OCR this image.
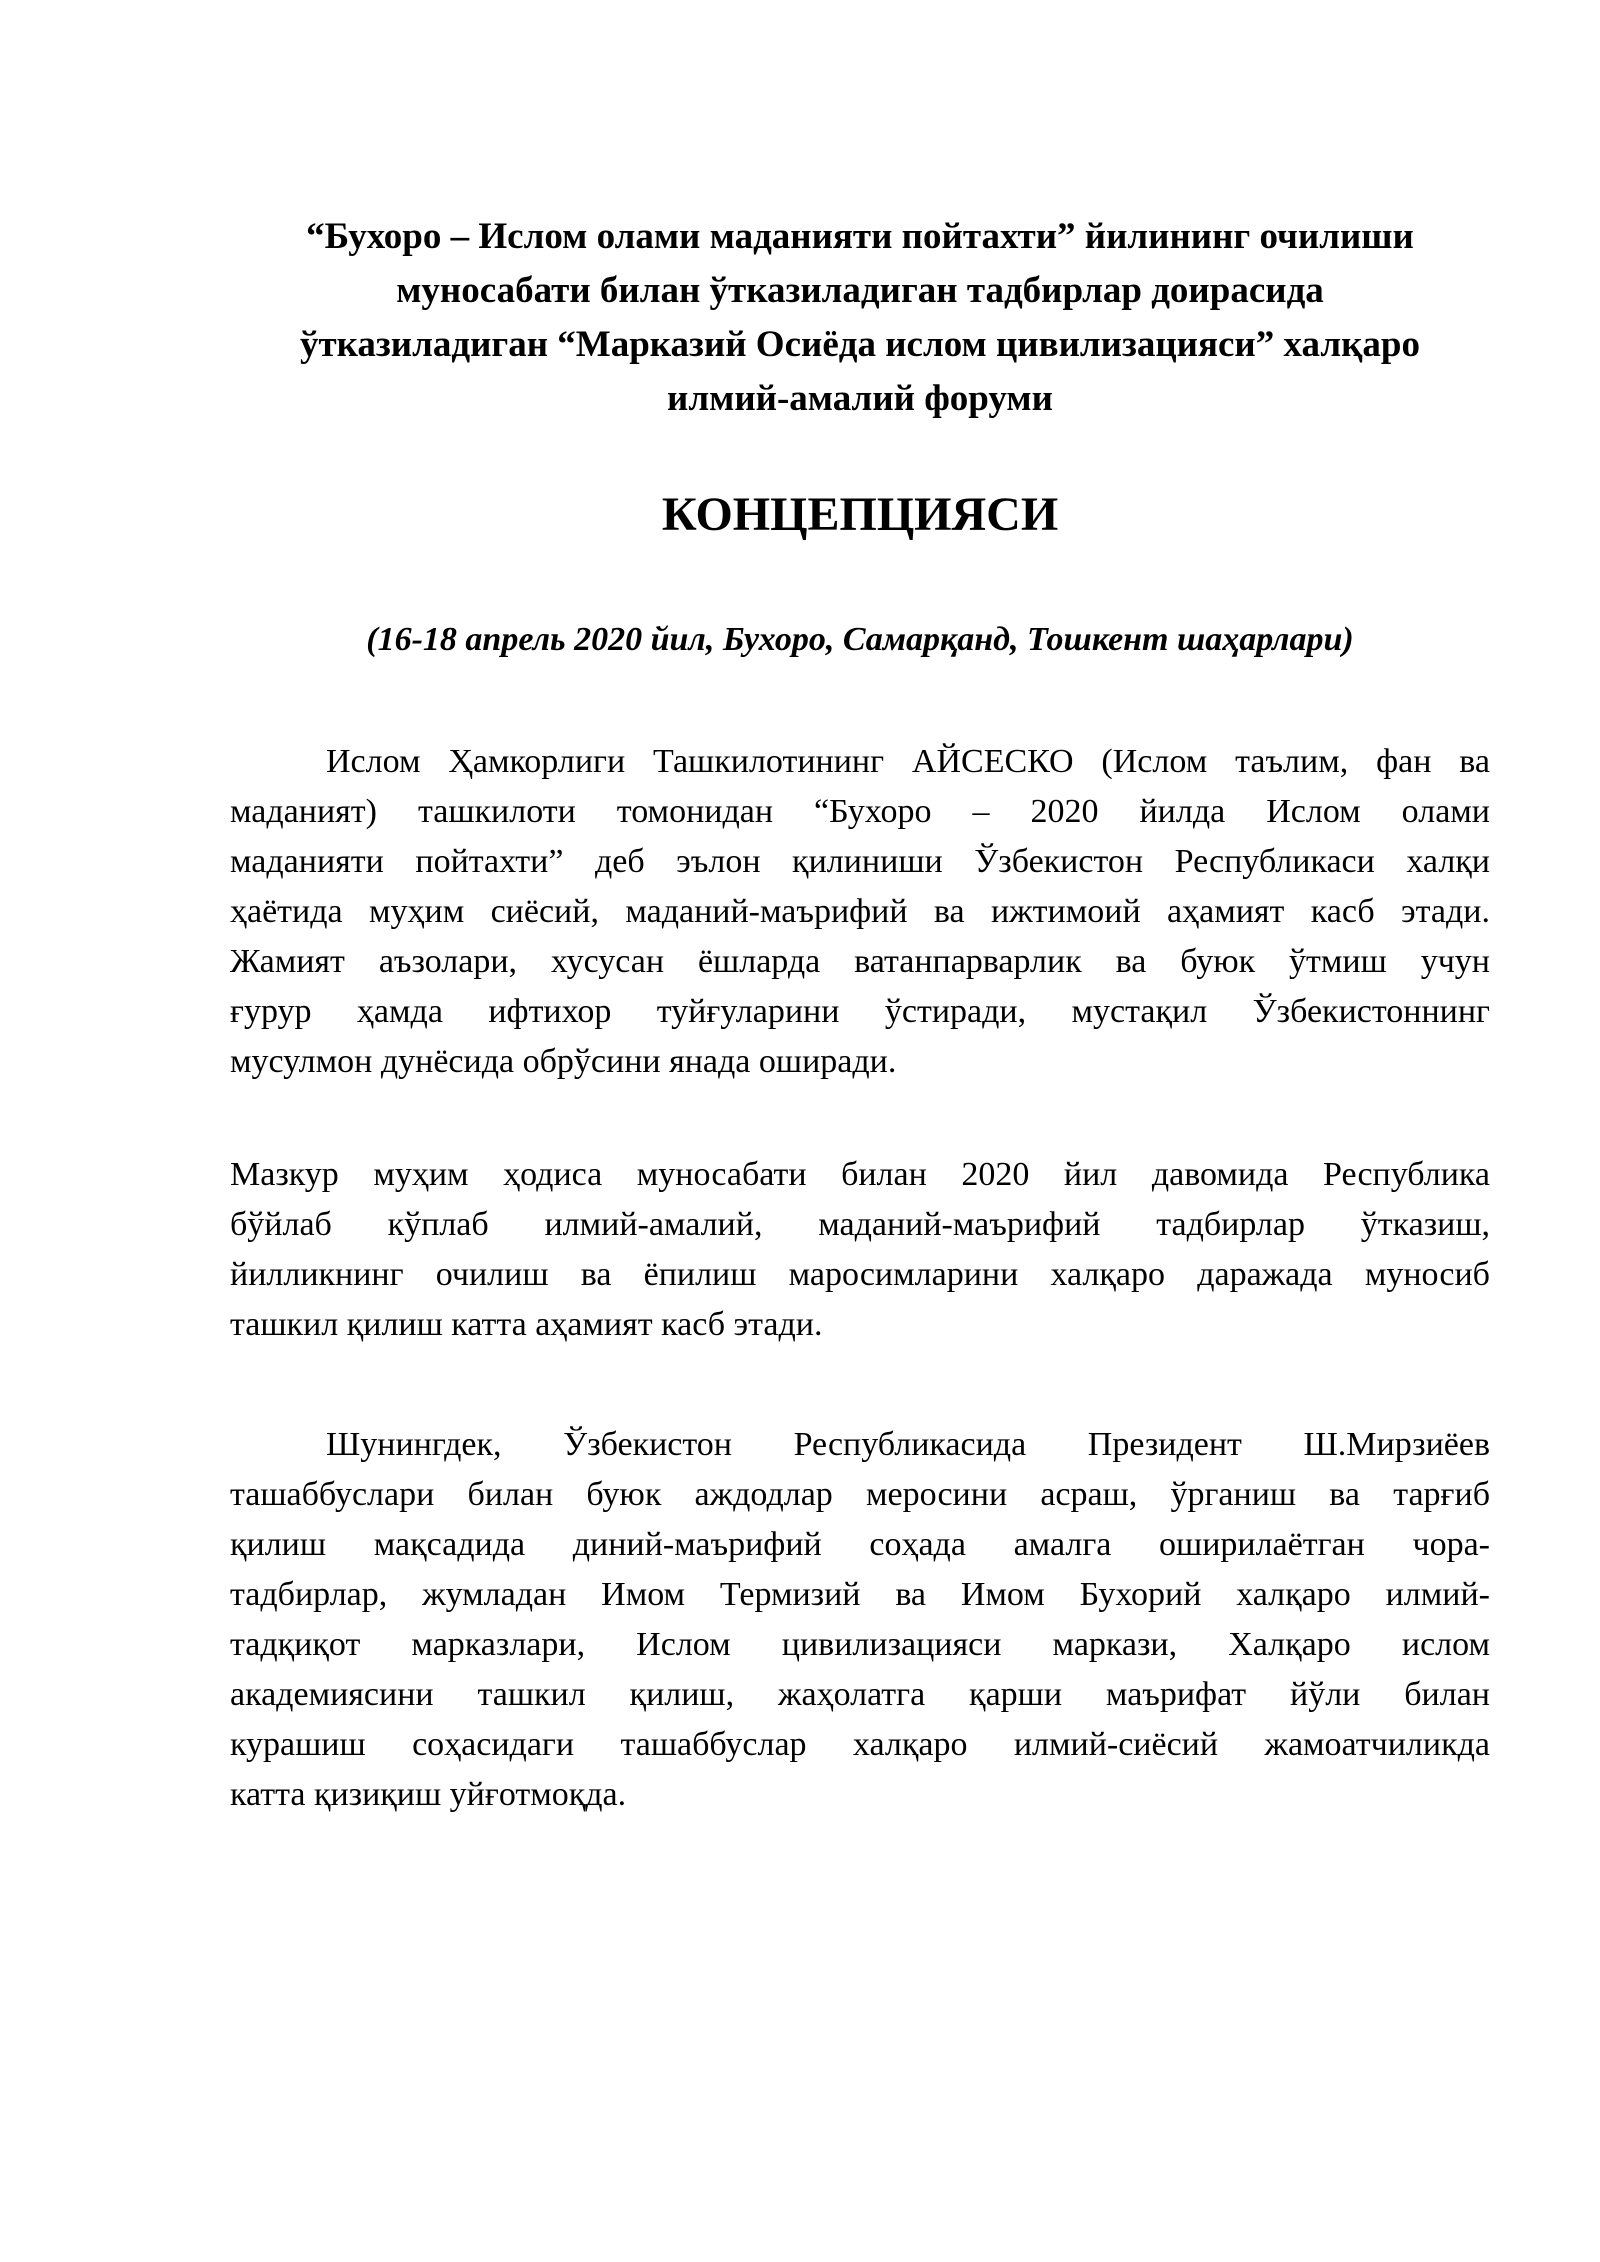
“Бухоро – Ислом олами маданияти пойтахти” йилининг очилиши
муносабати билан ўтказиладиган тадбирлар доирасида
ўтказиладиган “Марказий Осиёда ислом цивилизацияси” халқаро
илмий-амалий форуми
КОНЦЕПЦИЯСИ
(16-18 апрель 2020 йил, Бухоро, Самарқанд, Тошкент шаҳарлари)
Ислом Ҳамкорлиги Ташкилотининг АЙСЕСКО (Ислом таълим, фан ва
маданият) ташкилоти томонидан “Бухоро – 2020 йилда Ислом олами
маданияти пойтахти” деб эълон қилиниши Ўзбекистон Республикаси халқи
ҳаётида муҳим сиёсий, маданий-маърифий ва ижтимоий аҳамият касб этади.
Жамият аъзолари, хусусан ёшларда ватанпарварлик ва буюк ўтмиш учун
ғурур ҳамда ифтихор туйғуларини ўстиради, мустақил Ўзбекистоннинг
мусулмон дунёсида обрўсини янада оширади.
Мазкур муҳим ҳодиса муносабати билан 2020 йил давомида Республика
бўйлаб кўплаб илмий-амалий, маданий-маърифий тадбирлар ўтказиш,
йилликнинг очилиш ва ёпилиш маросимларини халқаро даражада муносиб
ташкил қилиш катта аҳамият касб этади.
Шунингдек, Ўзбекистон Республикасида Президент Ш.Мирзиёев
ташаббуслари билан буюк аждодлар меросини асраш, ўрганиш ва тарғиб
қилиш мақсадида диний-маърифий соҳада амалга оширилаётган чора-
тадбирлар, жумладан Имом Термизий ва Имом Бухорий халқаро илмий-
тадқиқот марказлари, Ислом цивилизацияси маркази, Халқаро ислом
академиясини ташкил қилиш, жаҳолатга қарши маърифат йўли билан
курашиш соҳасидаги ташаббуслар халқаро илмий-сиёсий жамоатчиликда
катта қизиқиш уйғотмоқда.
